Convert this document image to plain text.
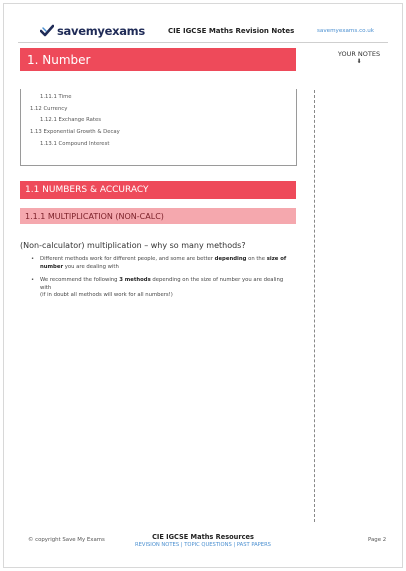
savemyexams	CIE IGCSE Maths Revision Notes	savemyexams.co.uk
1. Number	YOUR NOTES
⬇
1.11.1 Time
1.12 Currency
1.12.1 Exchange Rates
1.13 Exponential Growth & Decay
1.13.1 Compound Interest
1.1 NUMBERS & ACCURACY
1.1.1 MULTIPLICATION (NON-CALC)
(Non-calculator) multiplication – why so many methods?
• Different methods work for different people, and some are better depending on the size of number you are dealing with
• We recommend the following 3 methods depending on the size of number you are dealing with
(if in doubt all methods will work for all numbers!)
© copyright Save My Exams	CIE IGCSE Maths Resources
REVISION NOTES | TOPIC QUESTIONS | PAST PAPERS
Page 2
